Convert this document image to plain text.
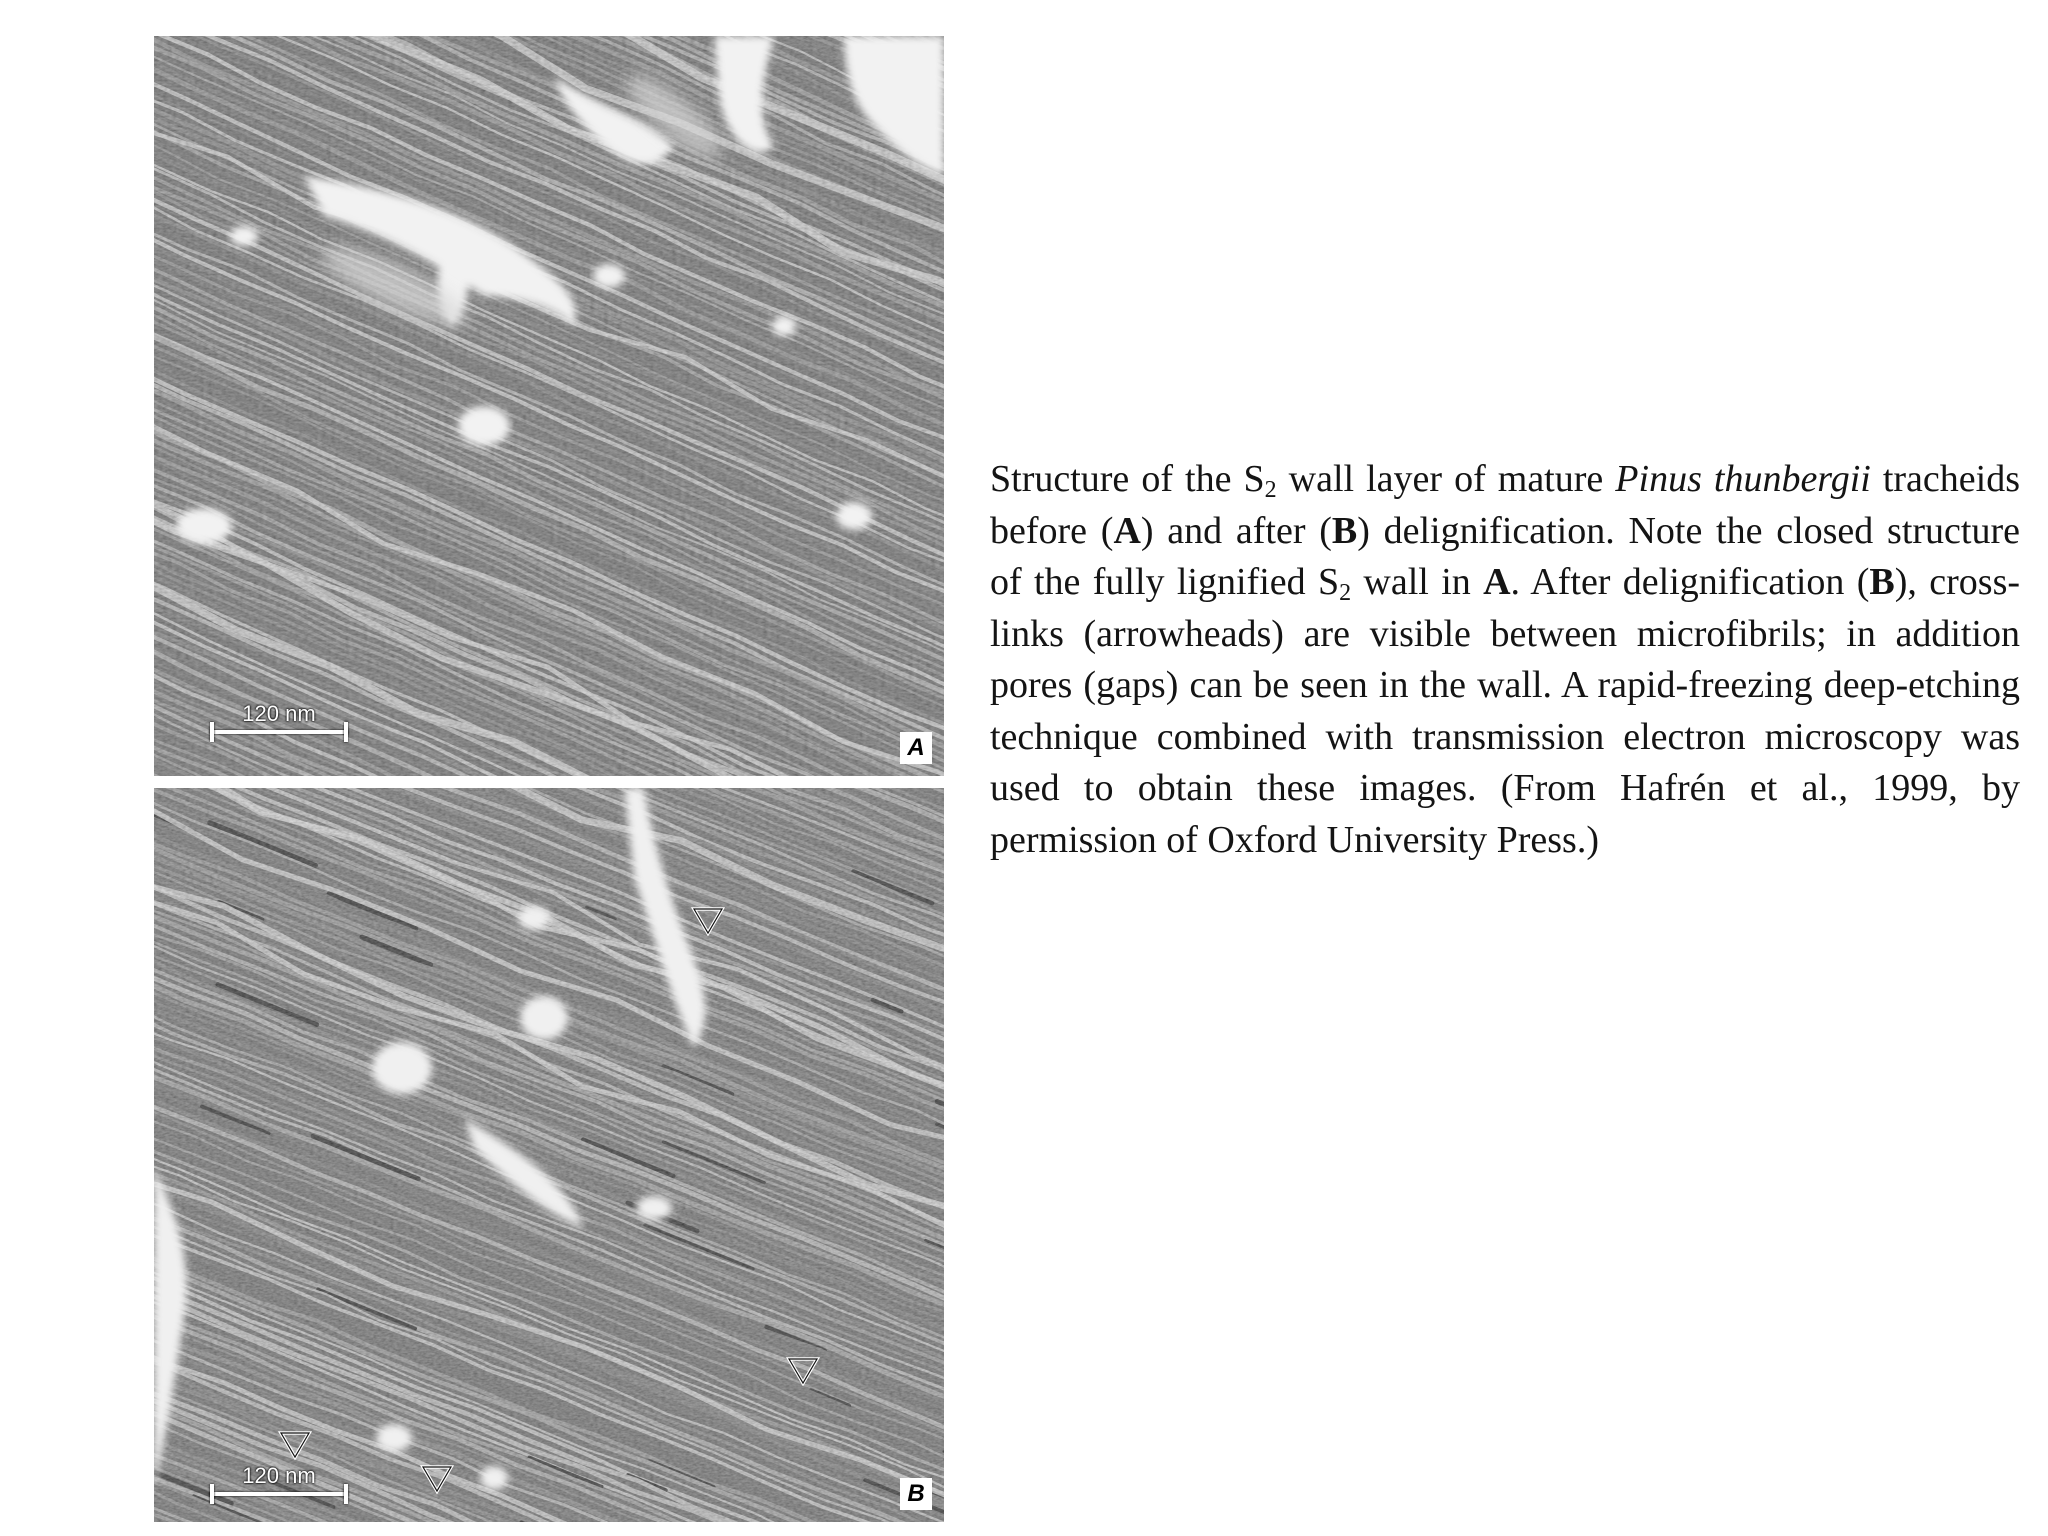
120 nm
A
120 nm
B

Structure of the $S_2$ wall layer of mature Pinus thunbergii tracheids before (A) and after (B) delignification. Note the closed structure of the fully lignified $S_2$ wall in A. After delignification (B), cross-links (arrowheads) are visible between microfibrils; in addition pores (gaps) can be seen in the wall. A rapid-freezing deep-etching technique combined with transmission electron microscopy was used to obtain these images. (From Hafrén et al., 1999, by permission of Oxford University Press.)
